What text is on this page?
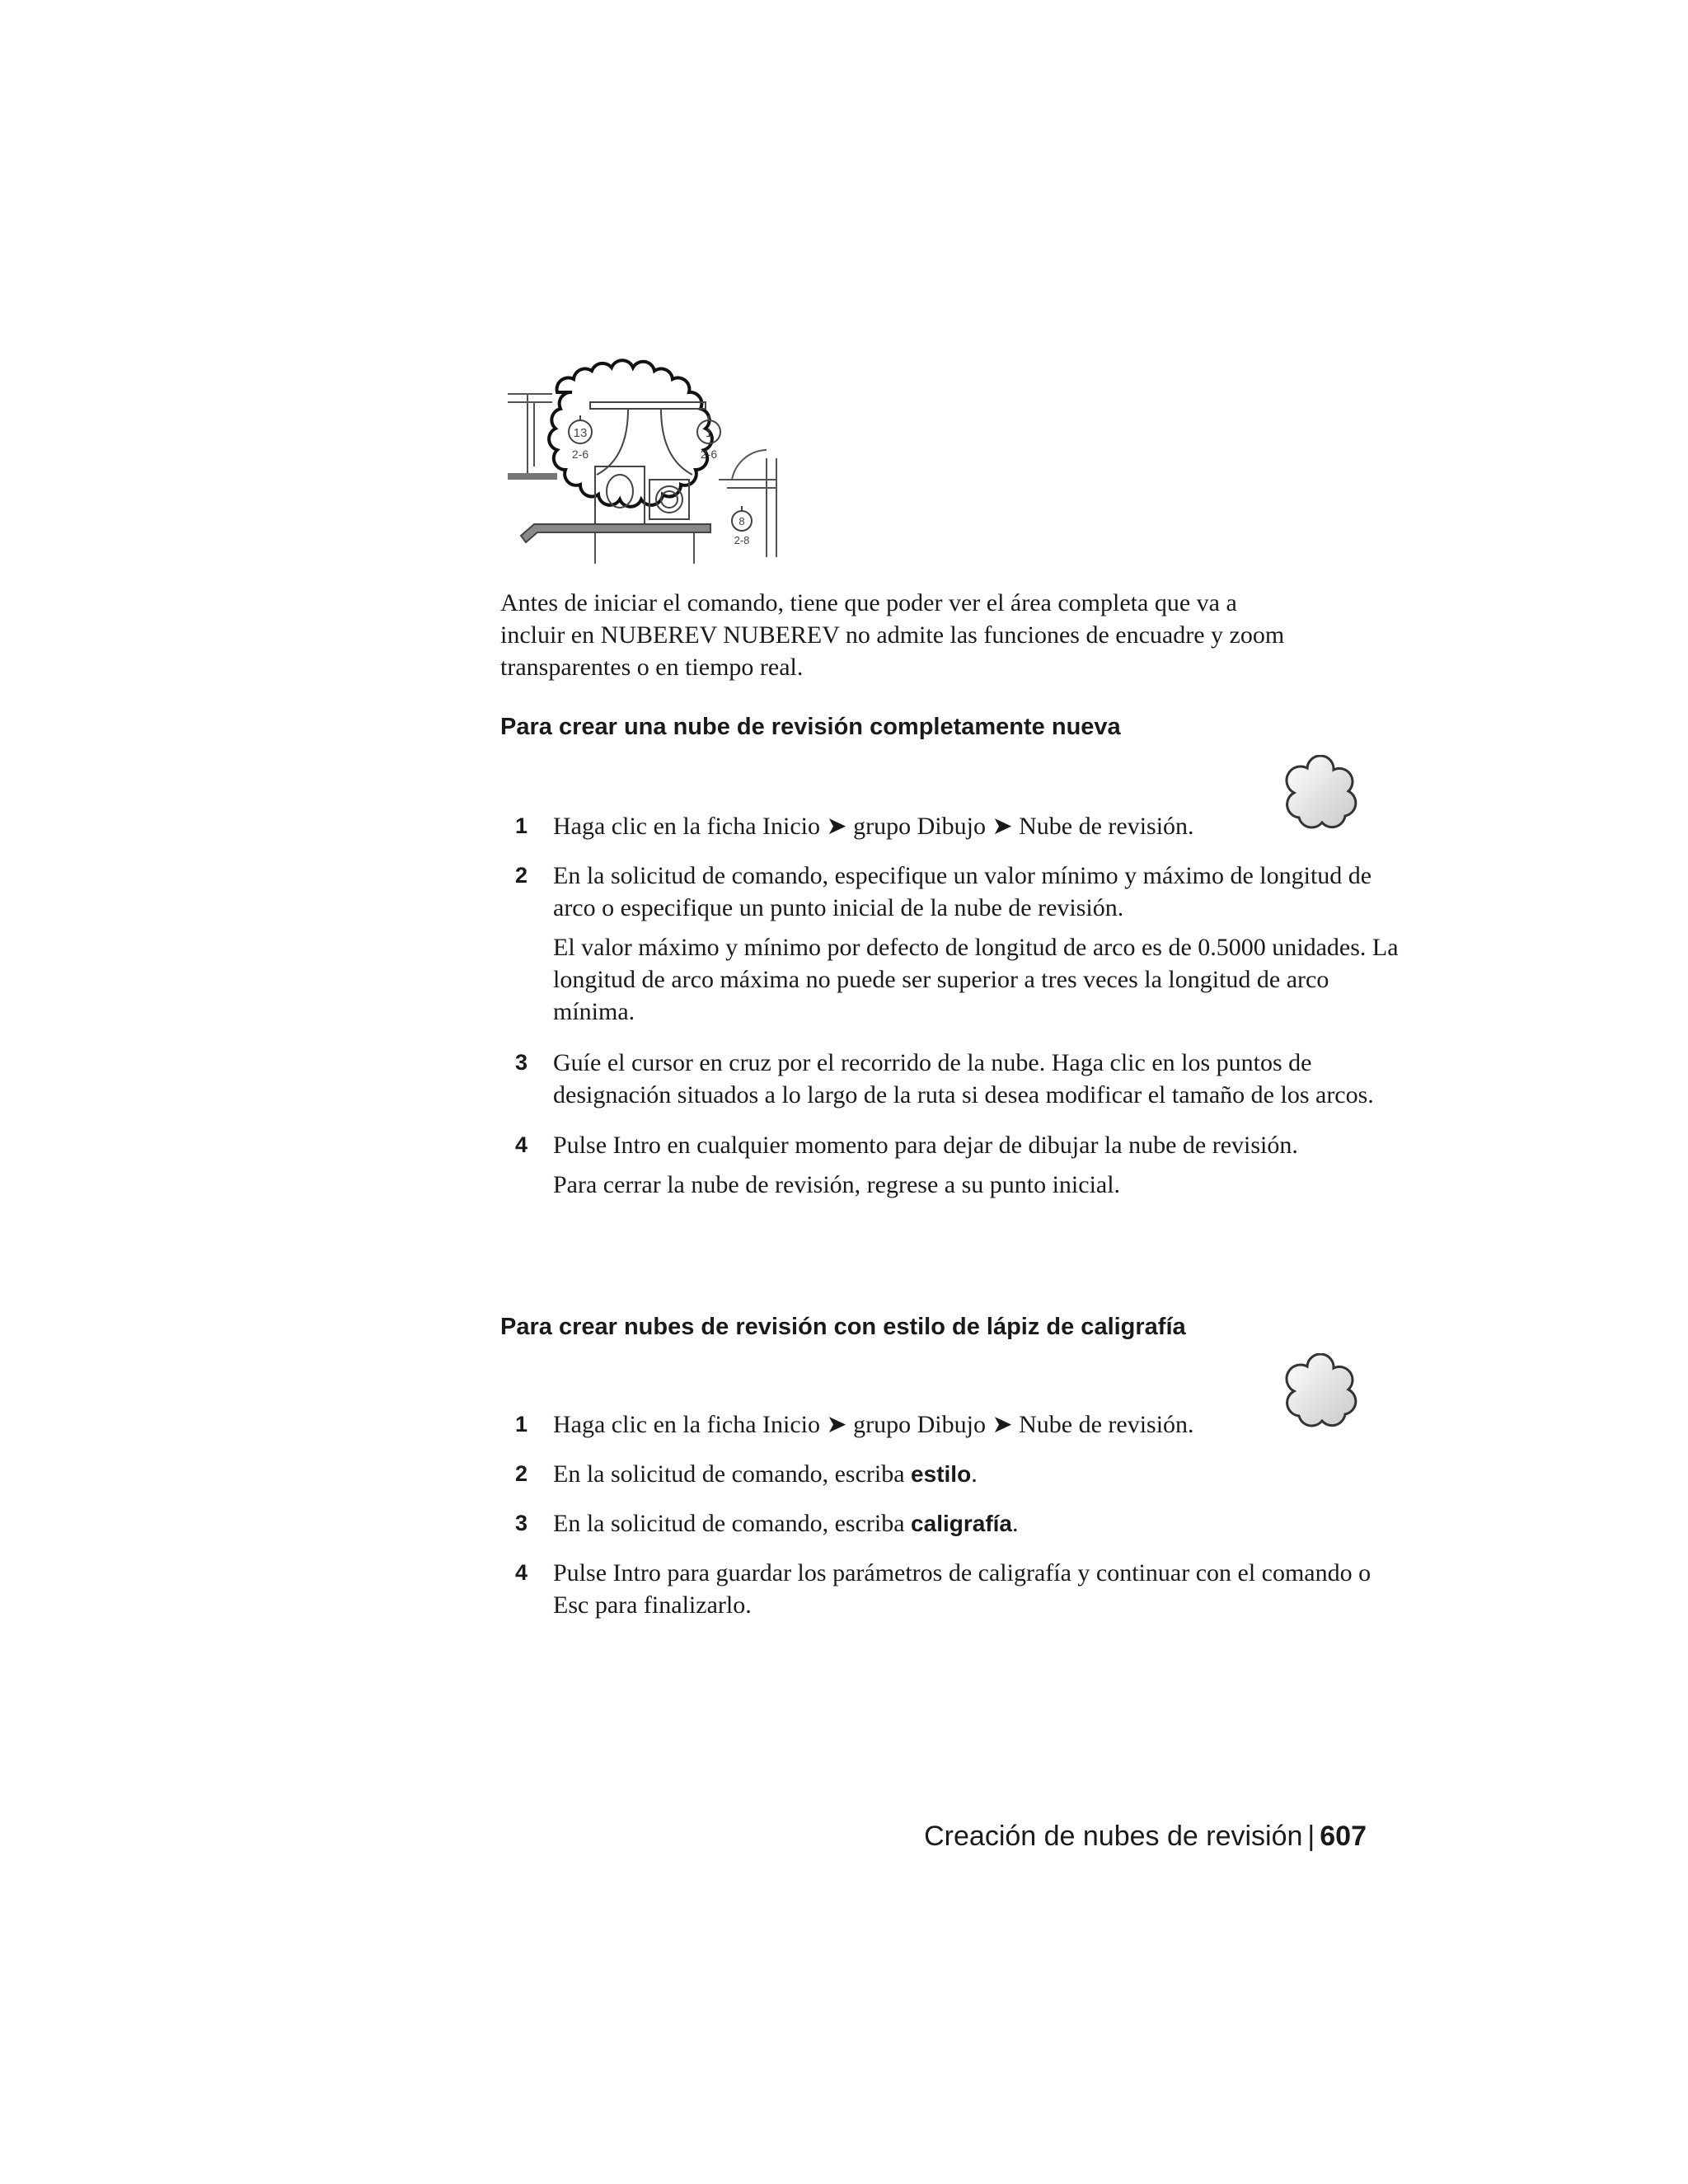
13
2-6
1
2-6
8
2-8

Antes de iniciar el comando, tiene que poder ver el área completa que va a
incluir en NUBEREV NUBEREV no admite las funciones de encuadre y zoom
transparentes o en tiempo real.

Para crear una nube de revisión completamente nueva
1 Haga clic en la ficha Inicio ➤ grupo Dibujo ➤ Nube de revisión.

2 En la solicitud de comando, especifique un valor mínimo y máximo de longitud de arco o especifique un punto inicial de la nube de revisión.

El valor máximo y mínimo por defecto de longitud de arco es de 0.5000 unidades. La longitud de arco máxima no puede ser superior a tres veces la longitud de arco mínima.

3 Guíe el cursor en cruz por el recorrido de la nube. Haga clic en los puntos de designación situados a lo largo de la ruta si desea modificar el tamaño de los arcos.

4 Pulse Intro en cualquier momento para dejar de dibujar la nube de revisión.

Para cerrar la nube de revisión, regrese a su punto inicial.

Para crear nubes de revisión con estilo de lápiz de caligrafía
1 Haga clic en la ficha Inicio ➤ grupo Dibujo ➤ Nube de revisión.

2 En la solicitud de comando, escriba estilo.

3 En la solicitud de comando, escriba caligrafía.

4 Pulse Intro para guardar los parámetros de caligrafía y continuar con el comando o Esc para finalizarlo.

Creación de nubes de revisión | 607
